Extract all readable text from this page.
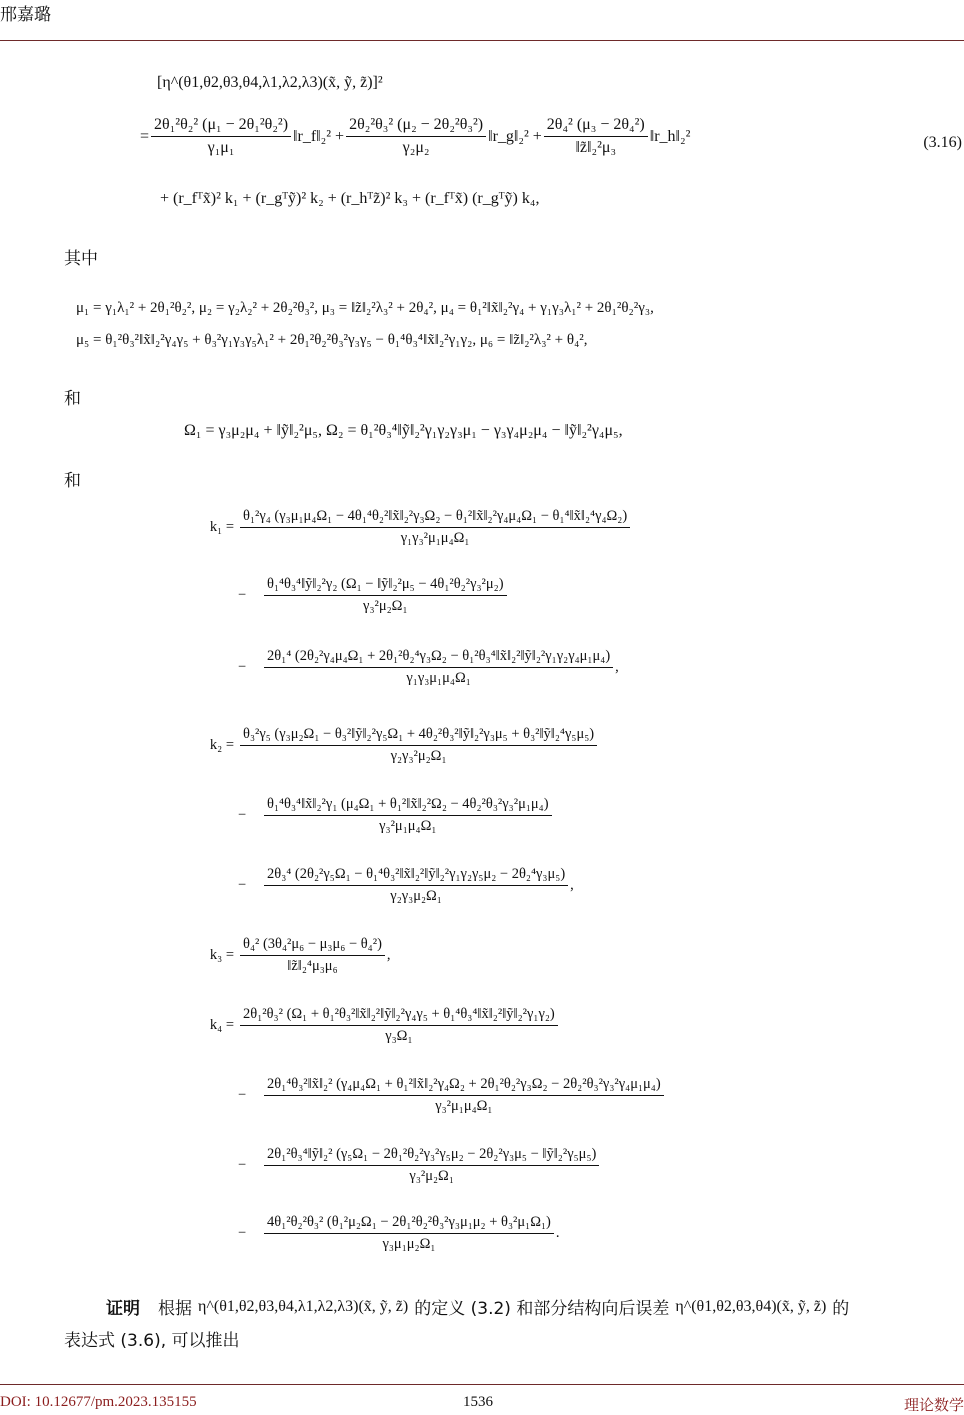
邢嘉璐
[η^(θ1,θ2,θ3,θ4,λ1,λ2,λ3)(x̃, ỹ, z̃)]²
= $\frac{\text{2θ₁²θ₂² (μ₁ − 2θ₁²θ₂²)}}{\text{γ₁μ₁}}$ ‖r_f‖₂² + $\frac{\text{2θ₂²θ₃² (μ₂ − 2θ₂²θ₃²)}}{\text{γ₂μ₂}}$ ‖r_g‖₂² + $\frac{\text{2θ₄² (μ₃ − 2θ₄²)}}{\text{‖z̃‖₂²μ₃}}$ ‖r_h‖₂²	(3.16)
+ (r_fᵀx̃)² k₁ + (r_gᵀỹ)² k₂ + (r_hᵀz̃)² k₃ + (r_fᵀx̃) (r_gᵀỹ) k₄,
其中
μ₁ = γ₁λ₁² + 2θ₁²θ₂², μ₂ = γ₂λ₂² + 2θ₂²θ₃², μ₃ = ‖z̃‖₂²λ₃² + 2θ₄², μ₄ = θ₁²‖x̃‖₂²γ₄ + γ₁γ₃λ₁² + 2θ₁²θ₂²γ₃,
μ₅ = θ₁²θ₃²‖x̃‖₂²γ₄γ₅ + θ₃²γ₁γ₃γ₅λ₁² + 2θ₁²θ₂²θ₃²γ₃γ₅ − θ₁⁴θ₃⁴‖x̃‖₂²γ₁γ₂, μ₆ = ‖z̃‖₂²λ₃² + θ₄²,
和
Ω₁ = γ₃μ₂μ₄ + ‖ỹ‖₂²μ₅, Ω₂ = θ₁²θ₃⁴‖ỹ‖₂²γ₁γ₂γ₃μ₁ − γ₃γ₄μ₂μ₄ − ‖ỹ‖₂²γ₄μ₅,
和
k₁ =
θ₁²γ₄ (γ₃μ₁μ₄Ω₁ − 4θ₁⁴θ₂²‖x̃‖₂²γ₃Ω₂ − θ₁²‖x̃‖₂²γ₄μ₄Ω₁ − θ₁⁴‖x̃‖₂⁴γ₄Ω₂)
γ₁γ₃²μ₁μ₄Ω₁
−	$\frac{\text{θ₁⁴θ₃⁴‖ỹ‖₂²γ₂ (Ω₁ − ‖ỹ‖₂²μ₅ − 4θ₁²θ₂²γ₃²μ₂)}}{\text{γ₃²μ₂Ω₁}}$
−
2θ₁⁴ (2θ₂²γ₄μ₄Ω₁ + 2θ₁²θ₂⁴γ₃Ω₂ − θ₁²θ₃⁴‖x̃‖₂²‖ỹ‖₂²γ₁γ₂γ₄μ₁μ₄)
γ₁γ₃μ₁μ₄Ω₁
,
k₂ =
θ₃²γ₅ (γ₃μ₂Ω₁ − θ₃²‖ỹ‖₂²γ₅Ω₁ + 4θ₂²θ₃²‖ỹ‖₂²γ₃μ₅ + θ₃²‖ỹ‖₂⁴γ₅μ₅)
γ₂γ₃²μ₂Ω₁
−	$\frac{\text{θ₁⁴θ₃⁴‖x̃‖₂²γ₁ (μ₄Ω₁ + θ₁²‖x̃‖₂²Ω₂ − 4θ₂²θ₃²γ₃²μ₁μ₄)}}{\text{γ₃²μ₁μ₄Ω₁}}$
−	$\frac{\text{2θ₃⁴ (2θ₂²γ₅Ω₁ − θ₁⁴θ₃²‖x̃‖₂²‖ỹ‖₂²γ₁γ₂γ₅μ₂ − 2θ₂⁴γ₃μ₅)}}{\text{γ₂γ₃μ₂Ω₁}}$ ,
$k_3 = \frac{\text{θ₄² (3θ₄²μ₆ − μ₃μ₆ − θ₄²)}}{\text{‖z̃‖₂⁴μ₃μ₆}}$ ,
$k_4 = \frac{\text{2θ₁²θ₃² (Ω₁ + θ₁²θ₃²‖x̃‖₂²‖ỹ‖₂²γ₄γ₅ + θ₁⁴θ₃⁴‖x̃‖₂²‖ỹ‖₂²γ₁γ₂)}}{\text{γ₃Ω₁}}$
−
2θ₁⁴θ₃²‖x̃‖₂² (γ₄μ₄Ω₁ + θ₁²‖x̃‖₂²γ₄Ω₂ + 2θ₁²θ₂²γ₃Ω₂ − 2θ₂²θ₃²γ₃²γ₄μ₁μ₄)
γ₃²μ₁μ₄Ω₁
−	$\frac{\text{2θ₁²θ₃⁴‖ỹ‖₂² (γ₅Ω₁ − 2θ₁²θ₂²γ₃²γ₅μ₂ − 2θ₂²γ₃μ₅ − ‖ỹ‖₂²γ₅μ₅)}}{\text{γ₃²μ₂Ω₁}}$
−	$\frac{\text{4θ₁²θ₂²θ₃² (θ₁²μ₂Ω₁ − 2θ₁²θ₂²θ₃²γ₃μ₁μ₂ + θ₃²μ₁Ω₁)}}{\text{γ₃μ₁μ₂Ω₁}}$ .
证明 根据 η^(θ1,θ2,θ3,θ4,λ1,λ2,λ3)(x̃, ỹ, z̃) 的定义 (3.2) 和部分结构向后误差 η^(θ1,θ2,θ3,θ4)(x̃, ỹ, z̃) 的
表达式 (3.6), 可以推出
DOI: 10.12677/pm.2023.135155	1536	理论数学
